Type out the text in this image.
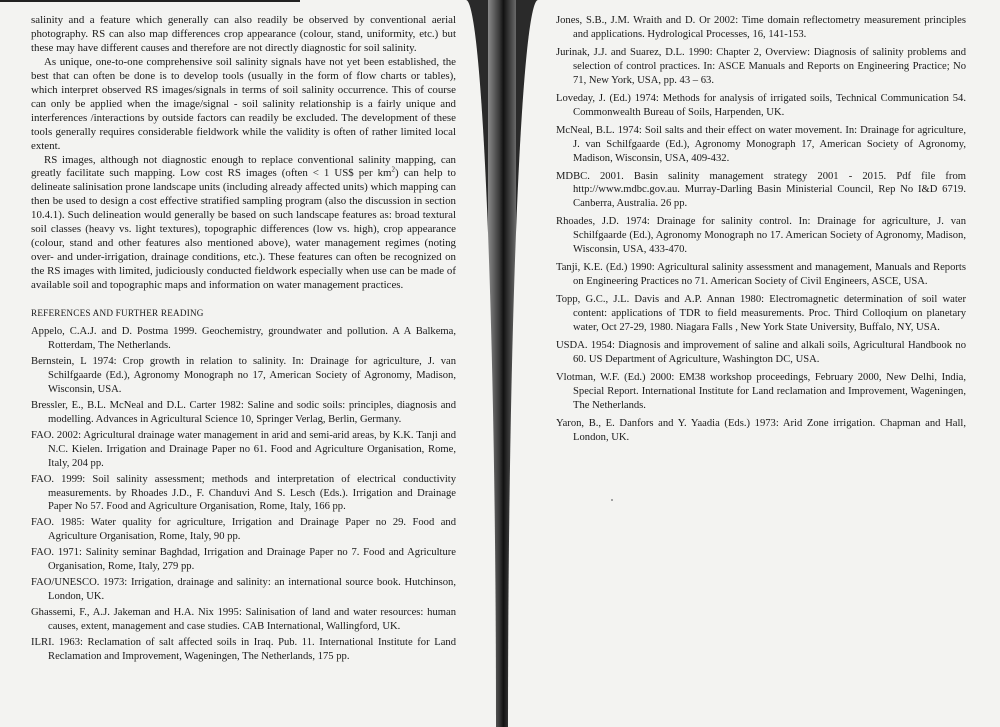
salinity and a feature which generally can also readily be observed by conventional aerial photography. RS can also map differences crop appearance (colour, stand, uniformity, etc.) but these may have different causes and therefore are not directly diagnostic for soil salinity.

As unique, one-to-one comprehensive soil salinity signals have not yet been established, the best that can often be done is to develop tools (usually in the form of flow charts or tables), which interpret observed RS images/signals in terms of soil salinity occurrence. This of course can only be applied when the image/signal - soil salinity relationship is a fairly unique and interferences /interactions by outside factors can readily be excluded. The development of these tools generally requires considerable fieldwork while the validity is often of rather limited local extent.

RS images, although not diagnostic enough to replace conventional salinity mapping, can greatly facilitate such mapping. Low cost RS images (often < 1 US$ per $km^2$) can help to delineate salinisation prone landscape units (including already affected units) which mapping can then be used to design a cost effective stratified sampling program (also the discussion in section 10.4.1). Such delineation would generally be based on such landscape features as: broad textural soil classes (heavy vs. light textures), topographic differences (low vs. high), crop appearance (colour, stand and other features also mentioned above), water management regimes (noting over- and under-irrigation, drainage conditions, etc.). These features can often be recognized on the RS images with limited, judiciously conducted fieldwork especially when use can be made of available soil and topographic maps and information on water management practices.

REFERENCES AND FURTHER READING
Appelo, C.A.J. and D. Postma 1999. Geochemistry, groundwater and pollution. A A Balkema, Rotterdam, The Netherlands.
Bernstein, L 1974: Crop growth in relation to salinity. In: Drainage for agriculture, J. van Schilfgaarde (Ed.), Agronomy Monograph no 17, American Society of Agronomy, Madison, Wisconsin, USA.
Bressler, E., B.L. McNeal and D.L. Carter 1982: Saline and sodic soils: principles, diagnosis and modelling. Advances in Agricultural Science 10, Springer Verlag, Berlin, Germany.
FAO. 2002: Agricultural drainage water management in arid and semi-arid areas, by K.K. Tanji and N.C. Kielen. Irrigation and Drainage Paper no 61. Food and Agriculture Organisation, Rome, Italy, 204 pp.
FAO. 1999: Soil salinity assessment; methods and interpretation of electrical conductivity measurements. by Rhoades J.D., F. Chanduvi And S. Lesch (Eds.). Irrigation and Drainage Paper No 57. Food and Agriculture Organisation, Rome, Italy, 166 pp.
FAO. 1985: Water quality for agriculture, Irrigation and Drainage Paper no 29. Food and Agriculture Organisation, Rome, Italy, 90 pp.
FAO. 1971: Salinity seminar Baghdad, Irrigation and Drainage Paper no 7. Food and Agriculture Organisation, Rome, Italy, 279 pp.
FAO/UNESCO. 1973: Irrigation, drainage and salinity: an international source book. Hutchinson, London, UK.
Ghassemi, F., A.J. Jakeman and H.A. Nix 1995: Salinisation of land and water resources: human causes, extent, management and case studies. CAB International, Wallingford, UK.
ILRI. 1963: Reclamation of salt affected soils in Iraq. Pub. 11. International Institute for Land Reclamation and Improvement, Wageningen, The Netherlands, 175 pp.
Jones, S.B., J.M. Wraith and D. Or 2002: Time domain reflectometry measurement principles and applications. Hydrological Processes, 16, 141-153.
Jurinak, J.J. and Suarez, D.L. 1990: Chapter 2, Overview: Diagnosis of salinity problems and selection of control practices. In: ASCE Manuals and Reports on Engineering Practice; No 71, New York, USA, pp. 43 – 63.
Loveday, J. (Ed.) 1974: Methods for analysis of irrigated soils, Technical Communication 54. Commonwealth Bureau of Soils, Harpenden, UK.
McNeal, B.L. 1974: Soil salts and their effect on water movement. In: Drainage for agriculture, J. van Schilfgaarde (Ed.), Agronomy Monograph 17, American Society of Agronomy, Madison, Wisconsin, USA, 409-432.
MDBC. 2001. Basin salinity management strategy 2001 - 2015. Pdf file from http://www.mdbc.gov.au. Murray-Darling Basin Ministerial Council, Rep No I&D 6719. Canberra, Australia. 26 pp.
Rhoades, J.D. 1974: Drainage for salinity control. In: Drainage for agriculture, J. van Schilfgaarde (Ed.), Agronomy Monograph no 17. American Society of Agronomy, Madison, Wisconsin, USA, 433-470.
Tanji, K.E. (Ed.) 1990: Agricultural salinity assessment and management, Manuals and Reports on Engineering Practices no 71. American Society of Civil Engineers, ASCE, USA.
Topp, G.C., J.L. Davis and A.P. Annan 1980: Electromagnetic determination of soil water content: applications of TDR to field measurements. Proc. Third Colloqium on planetary water, Oct 27-29, 1980. Niagara Falls , New York State University, Buffalo, NY, USA.
USDA. 1954: Diagnosis and improvement of saline and alkali soils, Agricultural Handbook no 60. US Department of Agriculture, Washington DC, USA.
Vlotman, W.F. (Ed.) 2000: EM38 workshop proceedings, February 2000, New Delhi, India, Special Report. International Institute for Land reclamation and Improvement, Wageningen, The Netherlands.
Yaron, B., E. Danfors and Y. Yaadia (Eds.) 1973: Arid Zone irrigation. Chapman and Hall, London, UK.
